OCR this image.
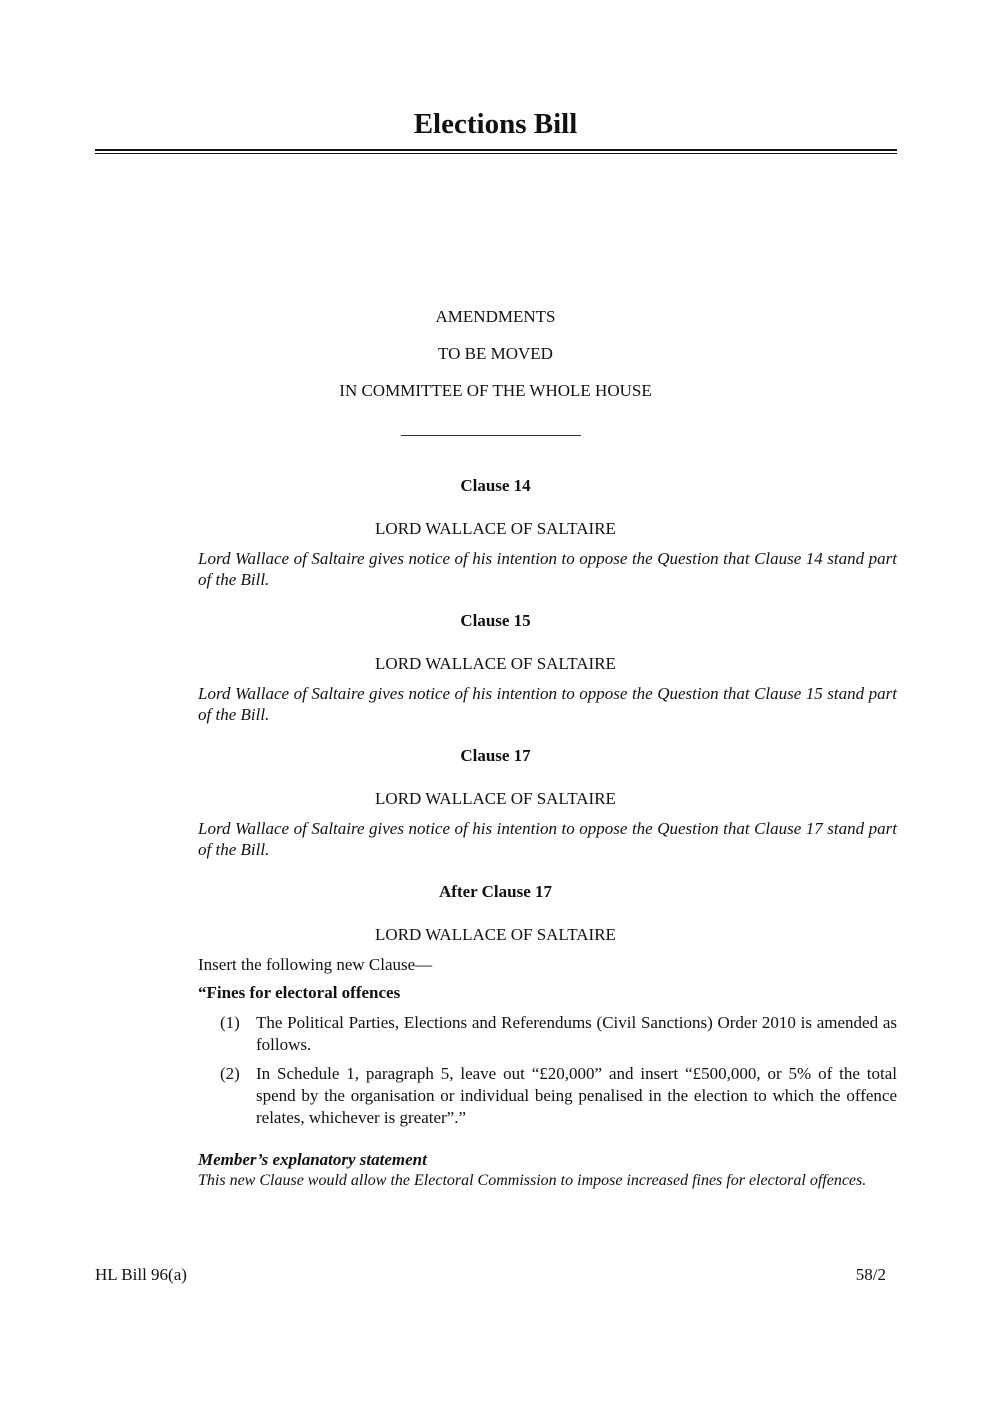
Elections Bill
AMENDMENTS
TO BE MOVED
IN COMMITTEE OF THE WHOLE HOUSE
Clause 14
LORD WALLACE OF SALTAIRE
Lord Wallace of Saltaire gives notice of his intention to oppose the Question that Clause 14 stand part of the Bill.
Clause 15
LORD WALLACE OF SALTAIRE
Lord Wallace of Saltaire gives notice of his intention to oppose the Question that Clause 15 stand part of the Bill.
Clause 17
LORD WALLACE OF SALTAIRE
Lord Wallace of Saltaire gives notice of his intention to oppose the Question that Clause 17 stand part of the Bill.
After Clause 17
LORD WALLACE OF SALTAIRE
Insert the following new Clause—
“Fines for electoral offences
(1) The Political Parties, Elections and Referendums (Civil Sanctions) Order 2010 is amended as follows.
(2) In Schedule 1, paragraph 5, leave out “£20,000” and insert “£500,000, or 5% of the total spend by the organisation or individual being penalised in the election to which the offence relates, whichever is greater”.”
Member’s explanatory statement
This new Clause would allow the Electoral Commission to impose increased fines for electoral offences.
HL Bill 96(a)	58/2
